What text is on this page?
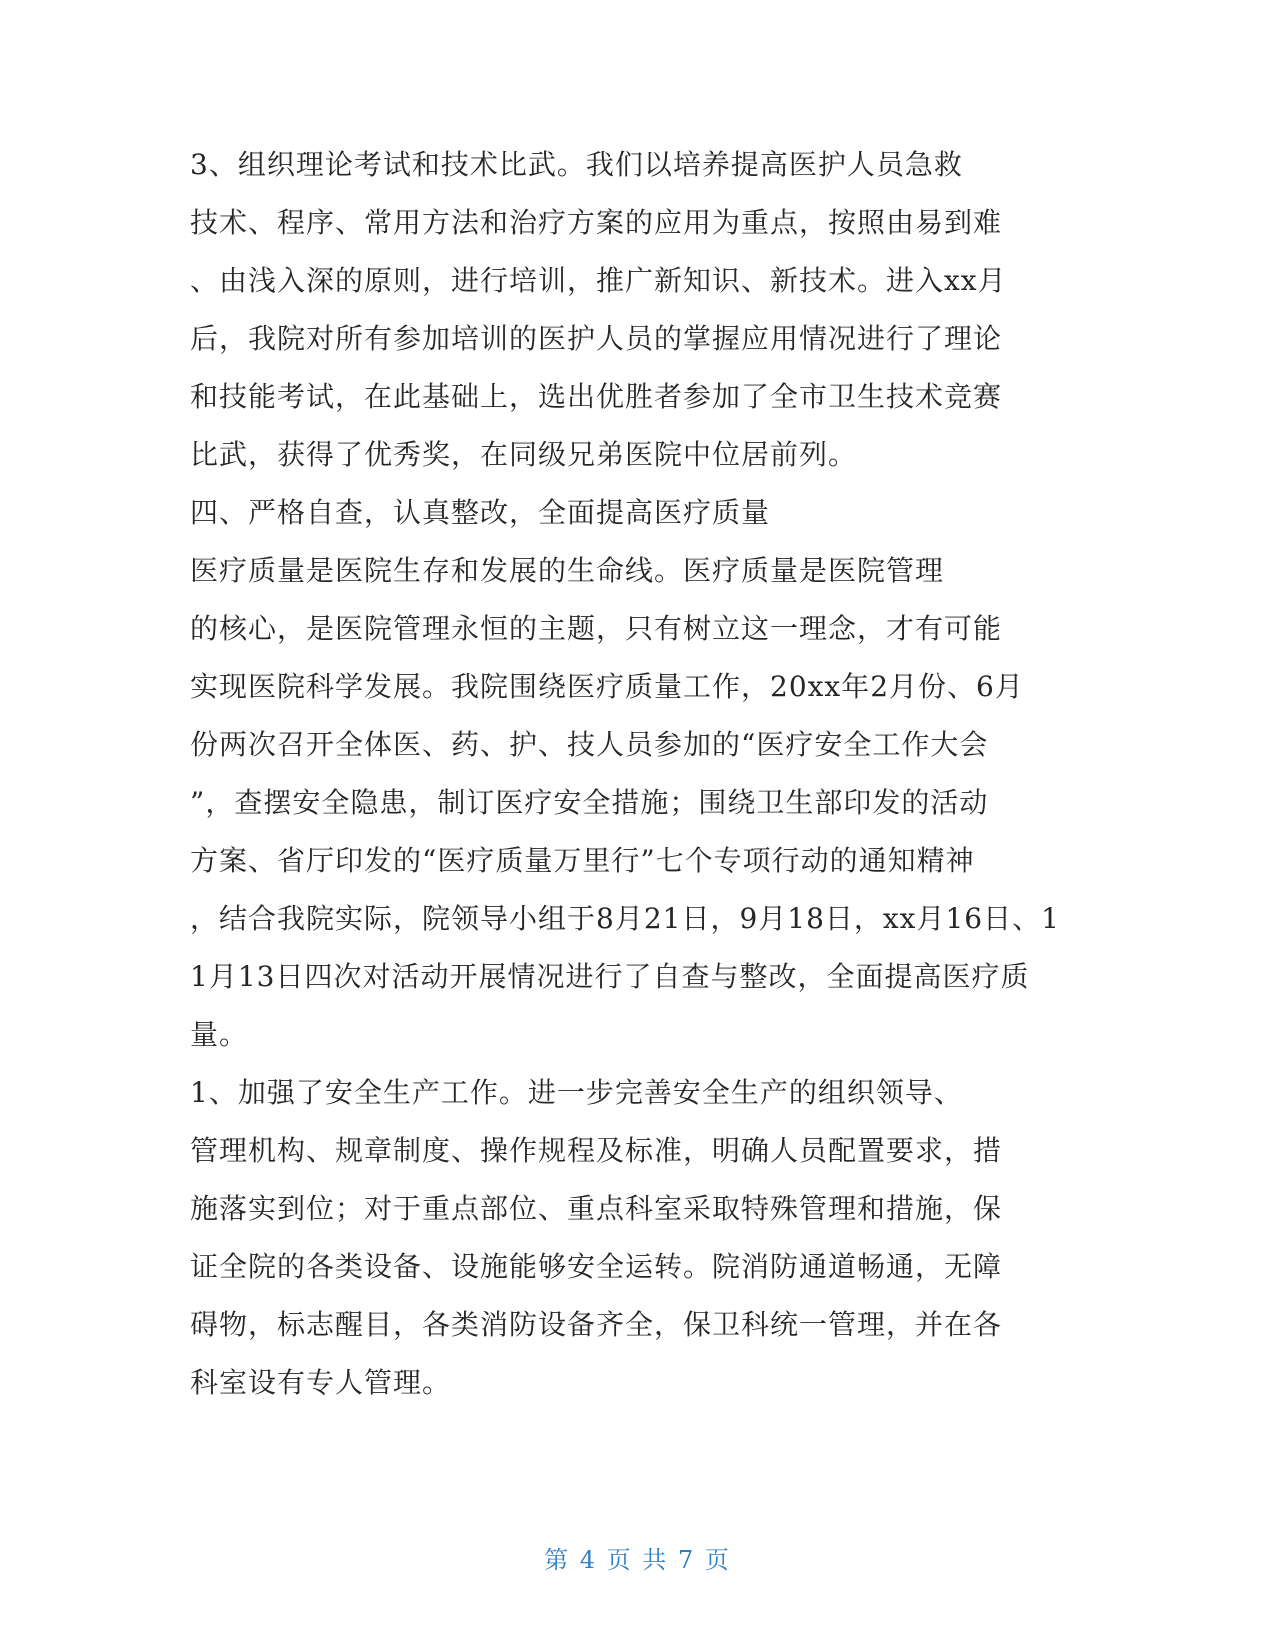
3、组织理论考试和技术比武。我们以培养提高医护人员急救
技术、程序、常用方法和治疗方案的应用为重点，按照由易到难
、由浅入深的原则，进行培训，推广新知识、新技术。进入xx月
后，我院对所有参加培训的医护人员的掌握应用情况进行了理论
和技能考试，在此基础上，选出优胜者参加了全市卫生技术竞赛
比武，获得了优秀奖，在同级兄弟医院中位居前列。
四、严格自查，认真整改，全面提高医疗质量
医疗质量是医院生存和发展的生命线。医疗质量是医院管理
的核心，是医院管理永恒的主题，只有树立这一理念，才有可能
实现医院科学发展。我院围绕医疗质量工作，20xx年2月份、6月
份两次召开全体医、药、护、技人员参加的“医疗安全工作大会
”，查摆安全隐患，制订医疗安全措施；围绕卫生部印发的活动
方案、省厅印发的“医疗质量万里行”七个专项行动的通知精神
，结合我院实际，院领导小组于8月21日，9月18日，xx月16日、1
1月13日四次对活动开展情况进行了自查与整改，全面提高医疗质
量。
1、加强了安全生产工作。进一步完善安全生产的组织领导、
管理机构、规章制度、操作规程及标准，明确人员配置要求，措
施落实到位；对于重点部位、重点科室采取特殊管理和措施，保
证全院的各类设备、设施能够安全运转。院消防通道畅通，无障
碍物，标志醒目，各类消防设备齐全，保卫科统一管理，并在各
科室设有专人管理。
第 4 页 共 7 页
